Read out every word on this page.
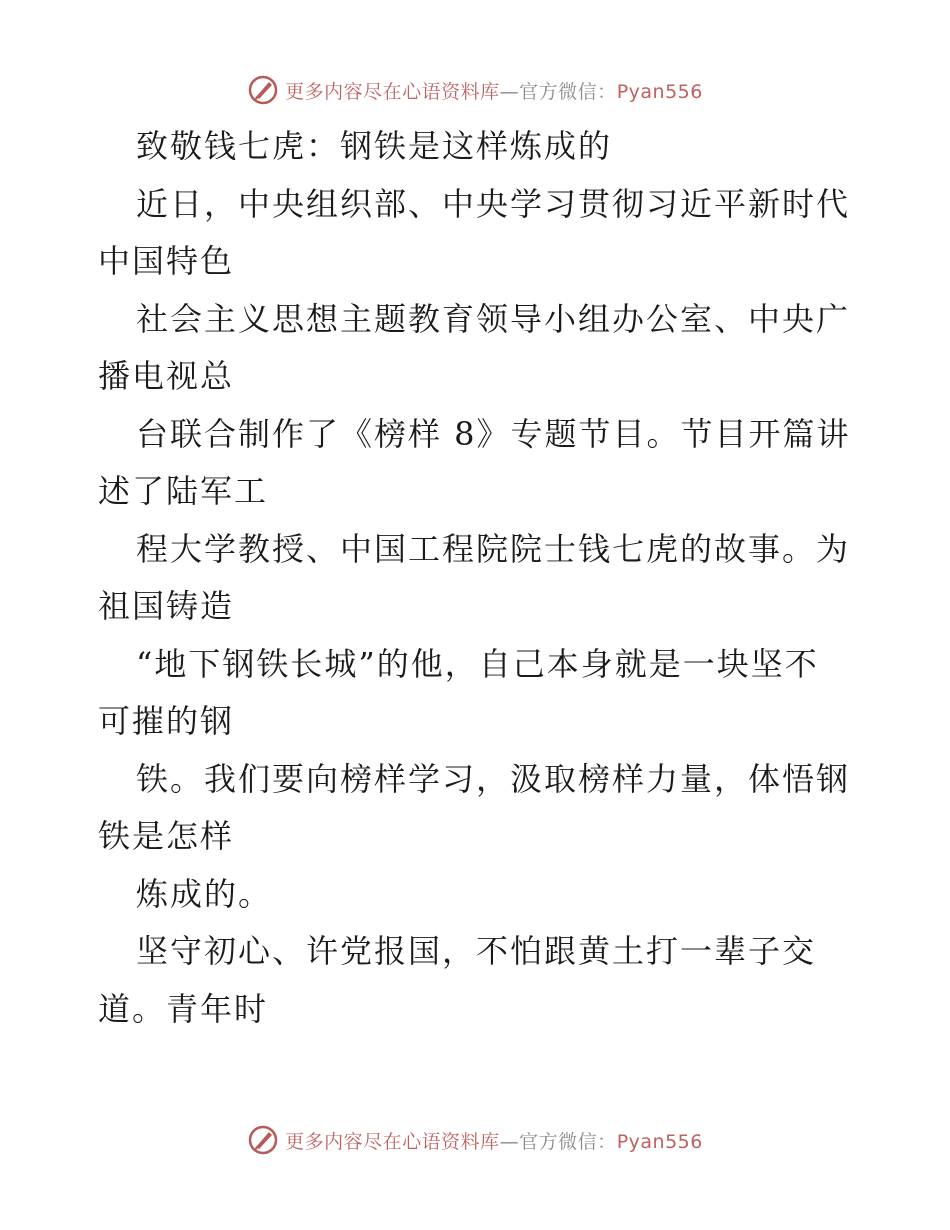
更多内容尽在心语资料库—官方微信：Pyan556
致敬钱七虎：钢铁是这样炼成的
近日，中央组织部、中央学习贯彻习近平新时代
中国特色
社会主义思想主题教育领导小组办公室、中央广
播电视总
台联合制作了《榜样 8》专题节目。节目开篇讲
述了陆军工
程大学教授、中国工程院院士钱七虎的故事。为
祖国铸造
“地下钢铁长城”的他，自己本身就是一块坚不
可摧的钢
铁。我们要向榜样学习，汲取榜样力量，体悟钢
铁是怎样
炼成的。
坚守初心、许党报国，不怕跟黄土打一辈子交
道。青年时
更多内容尽在心语资料库—官方微信：Pyan556
